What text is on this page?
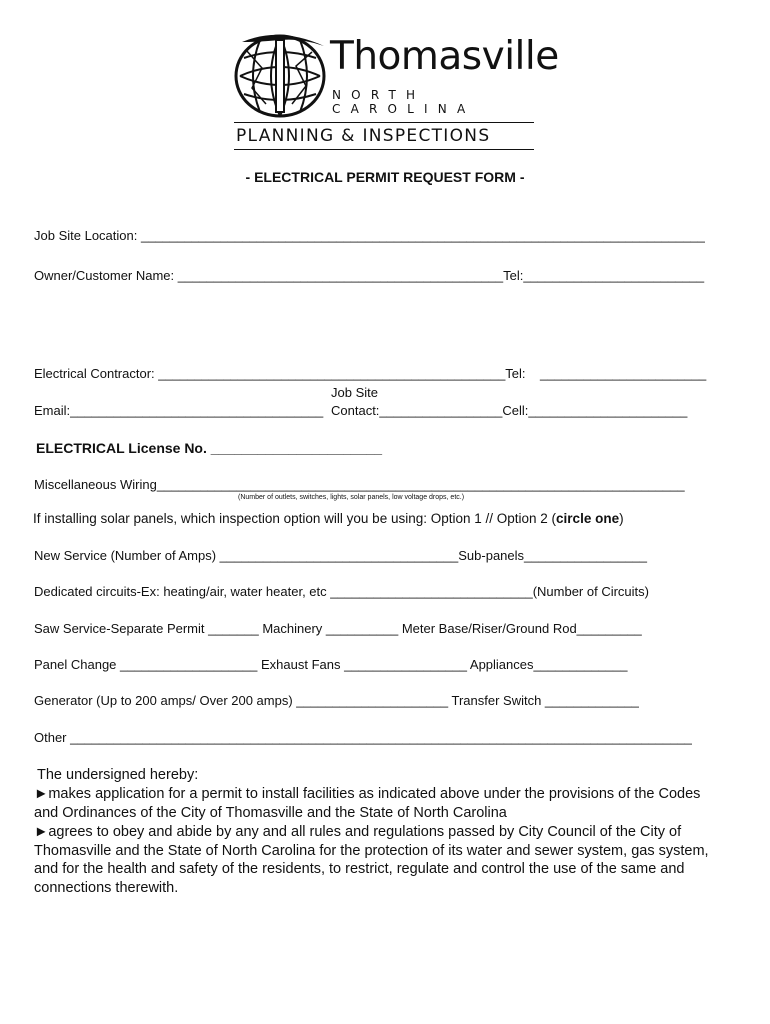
Thomasville
NORTH CAROLINA
PLANNING & INSPECTIONS
- ELECTRICAL PERMIT REQUEST FORM -
Job Site Location: ______________________________________________________________________________
Owner/Customer Name: _____________________________________________Tel:_________________________
Electrical Contractor: ________________________________________________Tel: _______________________
Job Site
Email:___________________________________ Contact:_________________Cell:______________________
ELECTRICAL License No. ______________________
Miscellaneous Wiring_________________________________________________________________________
(Number of outlets, switches, lights, solar panels, low voltage drops, etc.)
If installing solar panels, which inspection option will you be using: Option 1 // Option 2 (circle one)
New Service (Number of Amps) _________________________________Sub-panels_________________
Dedicated circuits-Ex: heating/air, water heater, etc ____________________________(Number of Circuits)
Saw Service-Separate Permit _______ Machinery __________ Meter Base/Riser/Ground Rod_________
Panel Change ___________________ Exhaust Fans _________________ Appliances_____________
Generator (Up to 200 amps/ Over 200 amps) _____________________ Transfer Switch _____________
Other ______________________________________________________________________________________
The undersigned hereby:
►makes application for a permit to install facilities as indicated above under the provisions of the Codes and Ordinances of the City of Thomasville and the State of North Carolina
►agrees to obey and abide by any and all rules and regulations passed by City Council of the City of Thomasville and the State of North Carolina for the protection of its water and sewer system, gas system, and for the health and safety of the residents, to restrict, regulate and control the use of the same and connections therewith.
